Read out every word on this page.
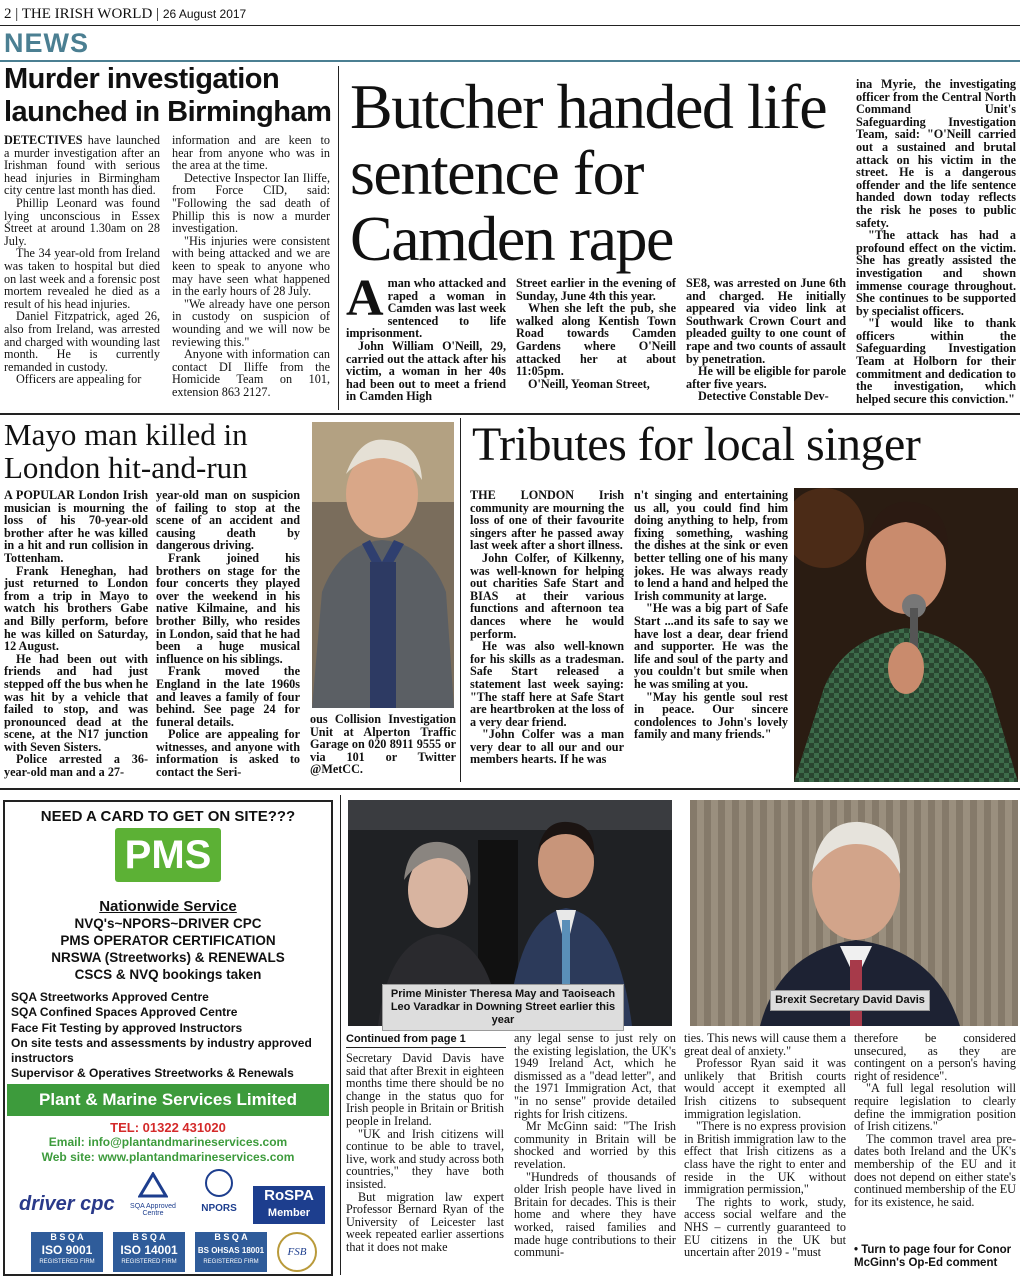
2 | THE IRISH WORLD | 26 August 2017
NEWS
Murder investigation launched in Birmingham

DETECTIVES have launched a murder investigation after an Irishman found with serious head injuries in Birmingham city centre last month has died.

Phillip Leonard was found lying unconscious in Essex Street at around 1.30am on 28 July.

The 34 year-old from Ireland was taken to hospital but died on last week and a forensic post mortem revealed he died as a result of his head injuries.

Daniel Fitzpatrick, aged 26, also from Ireland, was arrested and charged with wounding last month. He is currently remanded in custody.

Officers are appealing for

information and are keen to hear from anyone who was in the area at the time.

Detective Inspector Ian Iliffe, from Force CID, said: "Following the sad death of Phillip this is now a murder investigation.

"His injuries were consistent with being attacked and we are keen to speak to anyone who may have seen what happened in the early hours of 28 July.

"We already have one person in custody on suspicion of wounding and we will now be reviewing this."

Anyone with information can contact DI Iliffe from the Homicide Team on 101, extension 863 2127.

Butcher handed life sentence for Camden rape
A man who attacked and raped a woman in Camden was last week sentenced to life imprisonment.

John William O'Neill, 29, carried out the attack after his victim, a woman in her 40s had been out to meet a friend in Camden High

Street earlier in the evening of Sunday, June 4th this year.

When she left the pub, she walked along Kentish Town Road towards Camden Gardens where O'Neill attacked her at about 11:05pm.

O'Neill, Yeoman Street,

SE8, was arrested on June 6th and charged. He initially appeared via video link at Southwark Crown Court and pleaded guilty to one count of rape and two counts of assault by penetration.

He will be eligible for parole after five years.

Detective Constable Dev-

ina Myrie, the investigating officer from the Central North Command Unit's Safeguarding Investigation Team, said: "O'Neill carried out a sustained and brutal attack on his victim in the street. He is a dangerous offender and the life sentence handed down today reflects the risk he poses to public safety.

"The attack has had a profound effect on the victim. She has greatly assisted the investigation and shown immense courage throughout. She continues to be supported by specialist officers.

"I would like to thank officers within the Safeguarding Investigation Team at Holborn for their commitment and dedication to the investigation, which helped secure this conviction."

Mayo man killed in London hit-and-run

A POPULAR London Irish musician is mourning the loss of his 70-year-old brother after he was killed in a hit and run collision in Tottenham.

Frank Heneghan, had just returned to London from a trip in Mayo to watch his brothers Gabe and Billy perform, before he was killed on Saturday, 12 August.

He had been out with friends and had just stepped off the bus when he was hit by a vehicle that failed to stop, and was pronounced dead at the scene, at the N17 junction with Seven Sisters.

Police arrested a 36-year-old man and a 27-

year-old man on suspicion of failing to stop at the scene of an accident and causing death by dangerous driving.

Frank joined his brothers on stage for the four concerts they played over the weekend in his native Kilmaine, and his brother Billy, who resides in London, said that he had been a huge musical influence on his siblings.

Frank moved the England in the late 1960s and leaves a family of four behind. See page 24 for funeral details.

Police are appealing for witnesses, and anyone with information is asked to contact the Seri-

ous Collision Investigation Unit at Alperton Traffic Garage on 020 8911 9555 or via 101 or Twitter @MetCC.

Tributes for local singer

THE LONDON Irish community are mourning the loss of one of their favourite singers after he passed away last week after a short illness.

John Colfer, of Kilkenny, was well-known for helping out charities Safe Start and BIAS at their various functions and afternoon tea dances where he would perform.

He was also well-known for his skills as a tradesman. Safe Start released a statement last week saying: "The staff here at Safe Start are heartbroken at the loss of a very dear friend.

"John Colfer was a man very dear to all our and our members hearts. If he was

n't singing and entertaining us all, you could find him doing anything to help, from fixing something, washing the dishes at the sink or even better telling one of his many jokes. He was always ready to lend a hand and helped the Irish community at large.

"He was a big part of Safe Start ...and its safe to say we have lost a dear, dear friend and supporter. He was the life and soul of the party and you couldn't but smile when he was smiling at you.

"May his gentle soul rest in peace. Our sincere condolences to John's lovely family and many friends."

NEED A CARD TO GET ON SITE???
PMS
Nationwide Service
NVQ's~NPORS~DRIVER CPC
PMS OPERATOR CERTIFICATION
NRSWA (Streetworks) & RENEWALS
CSCS & NVQ bookings taken
SQA Streetworks Approved Centre
SQA Confined Spaces Approved Centre
Face Fit Testing by approved Instructors
On site tests and assessments by industry approved instructors
Supervisor & Operatives Streetworks & Renewals
Plant & Marine Services Limited
TEL: 01322 431020
Email: info@plantandmarineservices.com
Web site: www.plantandmarineservices.com
driver cpc	SQA Approved Centre	NPORS
RoSPA
Member
B S Q A
ISO 9001
REGISTERED FIRM
B S Q A
ISO 14001
REGISTERED FIRM
B S Q A
BS OHSAS 18001
REGISTERED FIRM
FSB
Prime Minister Theresa May and Taoiseach Leo Varadkar in Downing Street earlier this year
Brexit Secretary David Davis
Continued from page 1

Secretary David Davis have said that after Brexit in eighteen months time there should be no change in the status quo for Irish people in Britain or British people in Ireland.

"UK and Irish citizens will continue to be able to travel, live, work and study across both countries," they have both insisted.

But migration law expert Professor Bernard Ryan of the University of Leicester last week repeated earlier assertions that it does not make

any legal sense to just rely on the existing legislation, the UK's 1949 Ireland Act, which he dismissed as a "dead letter", and the 1971 Immigration Act, that "in no sense" provide detailed rights for Irish citizens.

Mr McGinn said: "The Irish community in Britain will be shocked and worried by this revelation.

"Hundreds of thousands of older Irish people have lived in Britain for decades. This is their home and where they have worked, raised families and made huge contributions to their communi-

ties. This news will cause them a great deal of anxiety."

Professor Ryan said it was unlikely that British courts would accept it exempted all Irish citizens to subsequent immigration legislation.

"There is no express provision in British immigration law to the effect that Irish citizens as a class have the right to enter and reside in the UK without immigration permission,"

The rights to work, study, access social welfare and the NHS – currently guaranteed to EU citizens in the UK but uncertain after 2019 - "must

therefore be considered unsecured, as they are contingent on a person's having right of residence".

"A full legal resolution will require legislation to clearly define the immigration position of Irish citizens."

The common travel area pre-dates both Ireland and the UK's membership of the EU and it does not depend on either state's continued membership of the EU for its existence, he said.

• Turn to page four for Conor McGinn's Op-Ed comment
